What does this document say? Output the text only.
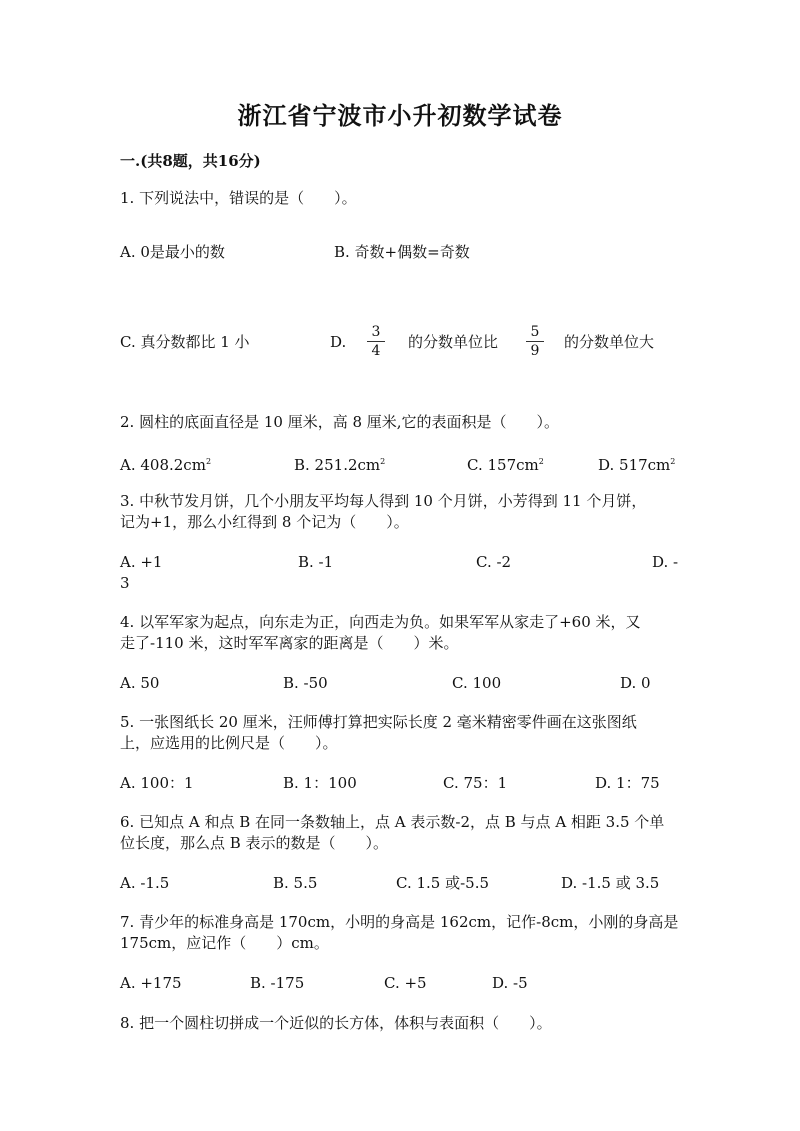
浙江省宁波市小升初数学试卷
一.(共8题，共16分)
1. 下列说法中，错误的是（　　）。
A. 0是最小的数	B. 奇数+偶数=奇数
C. 真分数都比 1 小	D.
3
4	的分数单位比
5
9	的分数单位大
2. 圆柱的底面直径是 10 厘米，高 8 厘米,它的表面积是（　　）。
A. $408.2cm^2$	B. $251.2cm^2$	C. $157cm^2$	D. $517cm^2$
3. 中秋节发月饼，几个小朋友平均每人得到 10 个月饼，小芳得到 11 个月饼，
记为+1，那么小红得到 8 个记为（　　）。
A. +1	B. -1	C. -2	D. -
3
4. 以军军家为起点，向东走为正，向西走为负。如果军军从家走了+60 米，又
走了-110 米，这时军军离家的距离是（　　）米。
A. 50	B. -50	C. 100	D. 0
5. 一张图纸长 20 厘米，汪师傅打算把实际长度 2 毫米精密零件画在这张图纸
上，应选用的比例尺是（　　）。
A. 100：1	B. 1：100	C. 75：1	D. 1：75
6. 已知点 A 和点 B 在同一条数轴上，点 A 表示数-2，点 B 与点 A 相距 3.5 个单
位长度，那么点 B 表示的数是（　　）。
A. -1.5	B. 5.5	C. 1.5 或-5.5	D. -1.5 或 3.5
7. 青少年的标准身高是 170cm，小明的身高是 162cm，记作-8cm，小刚的身高是
175cm，应记作（　　）cm。
A. +175	B. -175	C. +5	D. -5
8. 把一个圆柱切拼成一个近似的长方体，体积与表面积（　　）。
